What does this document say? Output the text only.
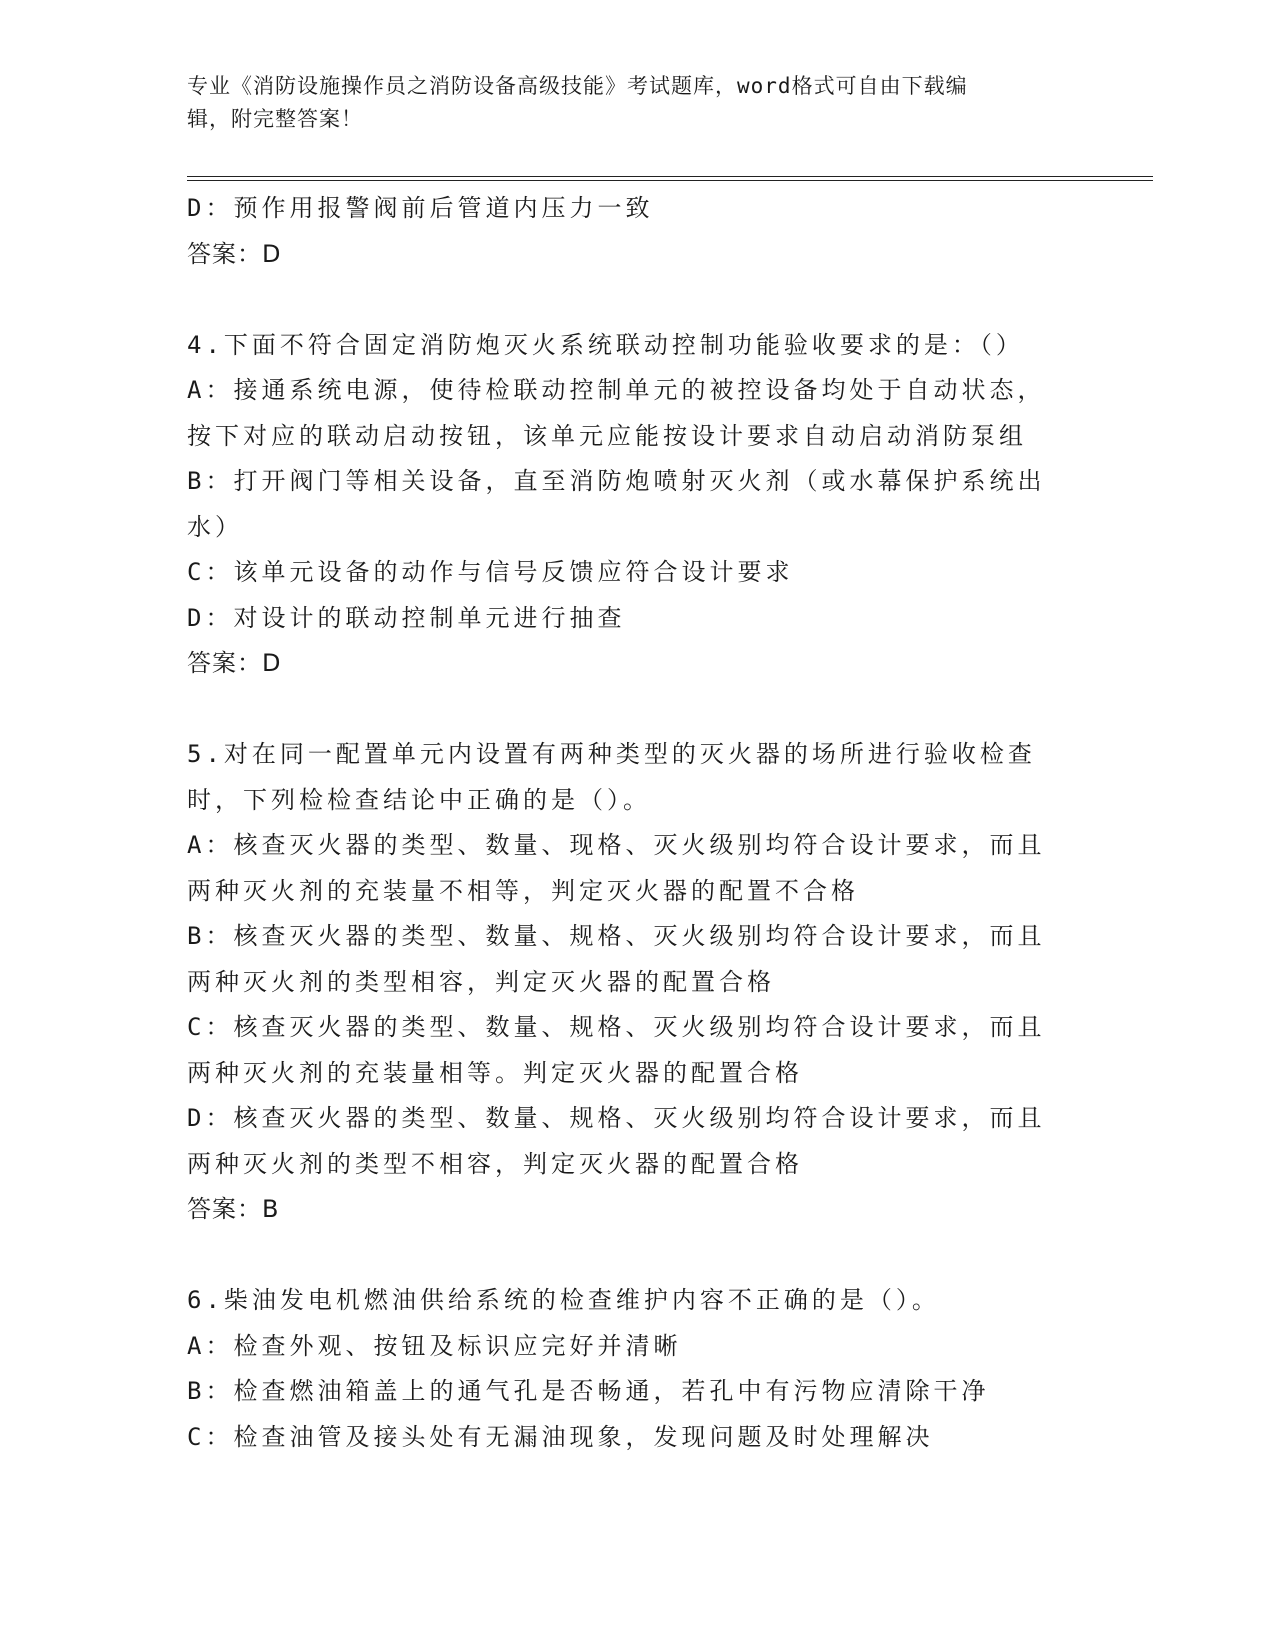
专业《消防设施操作员之消防设备高级技能》考试题库，word格式可自由下载编
辑，附完整答案！
D：预作用报警阀前后管道内压力一致
答案：D
4.下面不符合固定消防炮灭火系统联动控制功能验收要求的是：（）
A：接通系统电源，使待检联动控制单元的被控设备均处于自动状态，
按下对应的联动启动按钮，该单元应能按设计要求自动启动消防泵组
B：打开阀门等相关设备，直至消防炮喷射灭火剂（或水幕保护系统出
水）
C：该单元设备的动作与信号反馈应符合设计要求
D：对设计的联动控制单元进行抽查
答案：D
5.对在同一配置单元内设置有两种类型的灭火器的场所进行验收检查
时，下列检检查结论中正确的是（）。
A：核查灭火器的类型、数量、现格、灭火级别均符合设计要求，而且
两种灭火剂的充装量不相等，判定灭火器的配置不合格
B：核查灭火器的类型、数量、规格、灭火级别均符合设计要求，而且
两种灭火剂的类型相容，判定灭火器的配置合格
C：核查灭火器的类型、数量、规格、灭火级别均符合设计要求，而且
两种灭火剂的充装量相等。判定灭火器的配置合格
D：核查灭火器的类型、数量、规格、灭火级别均符合设计要求，而且
两种灭火剂的类型不相容，判定灭火器的配置合格
答案：B
6.柴油发电机燃油供给系统的检查维护内容不正确的是（）。
A：检查外观、按钮及标识应完好并清晰
B：检查燃油箱盖上的通气孔是否畅通，若孔中有污物应清除干净
C：检查油管及接头处有无漏油现象，发现问题及时处理解决
